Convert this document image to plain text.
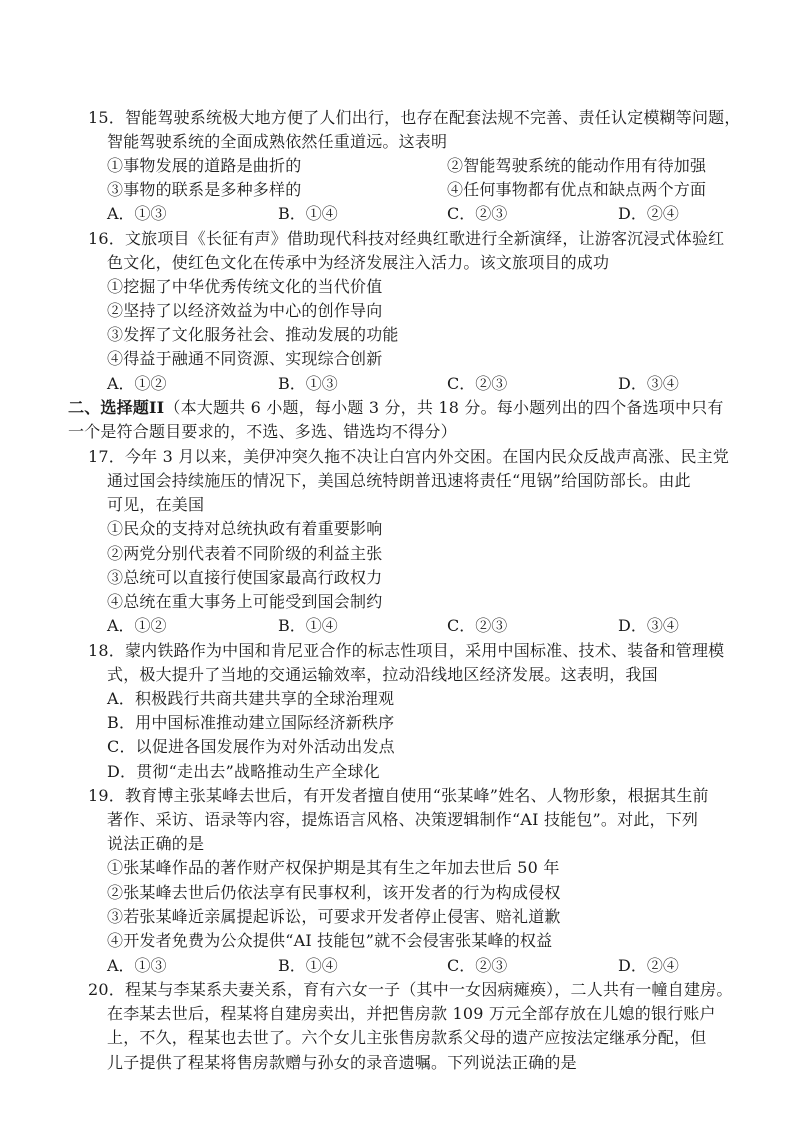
15．智能驾驶系统极大地方便了人们出行，也存在配套法规不完善、责任认定模糊等问题，
智能驾驶系统的全面成熟依然任重道远。这表明
①事物发展的道路是曲折的	②智能驾驶系统的能动作用有待加强
③事物的联系是多种多样的	④任何事物都有优点和缺点两个方面
A．①③	B．①④	C．②③	D．②④
16．文旅项目《长征有声》借助现代科技对经典红歌进行全新演绎，让游客沉浸式体验红
色文化，使红色文化在传承中为经济发展注入活力。该文旅项目的成功
①挖掘了中华优秀传统文化的当代价值
②坚持了以经济效益为中心的创作导向
③发挥了文化服务社会、推动发展的功能
④得益于融通不同资源、实现综合创新
A．①②	B．①③	C．②③	D．③④
二、选择题II（本大题共 6 小题，每小题 3 分，共 18 分。每小题列出的四个备选项中只有
一个是符合题目要求的，不选、多选、错选均不得分）
17．今年 3 月以来，美伊冲突久拖不决让白宫内外交困。在国内民众反战声高涨、民主党
通过国会持续施压的情况下，美国总统特朗普迅速将责任“甩锅”给国防部长。由此
可见，在美国
①民众的支持对总统执政有着重要影响
②两党分别代表着不同阶级的利益主张
③总统可以直接行使国家最高行政权力
④总统在重大事务上可能受到国会制约
A．①②	B．①④	C．②③	D．③④
18．蒙内铁路作为中国和肯尼亚合作的标志性项目，采用中国标准、技术、装备和管理模
式，极大提升了当地的交通运输效率，拉动沿线地区经济发展。这表明，我国
A．积极践行共商共建共享的全球治理观
B．用中国标准推动建立国际经济新秩序
C．以促进各国发展作为对外活动出发点
D．贯彻“走出去”战略推动生产全球化
19．教育博主张某峰去世后，有开发者擅自使用“张某峰”姓名、人物形象，根据其生前
著作、采访、语录等内容，提炼语言风格、决策逻辑制作“AI 技能包”。对此，下列
说法正确的是
①张某峰作品的著作财产权保护期是其有生之年加去世后 50 年
②张某峰去世后仍依法享有民事权利，该开发者的行为构成侵权
③若张某峰近亲属提起诉讼，可要求开发者停止侵害、赔礼道歉
④开发者免费为公众提供“AI 技能包”就不会侵害张某峰的权益
A．①③	B．①④	C．②③	D．②④
20．程某与李某系夫妻关系，育有六女一子（其中一女因病瘫痪），二人共有一幢自建房。
在李某去世后，程某将自建房卖出，并把售房款 109 万元全部存放在儿媳的银行账户
上，不久，程某也去世了。六个女儿主张售房款系父母的遗产应按法定继承分配，但
儿子提供了程某将售房款赠与孙女的录音遗嘱。下列说法正确的是
